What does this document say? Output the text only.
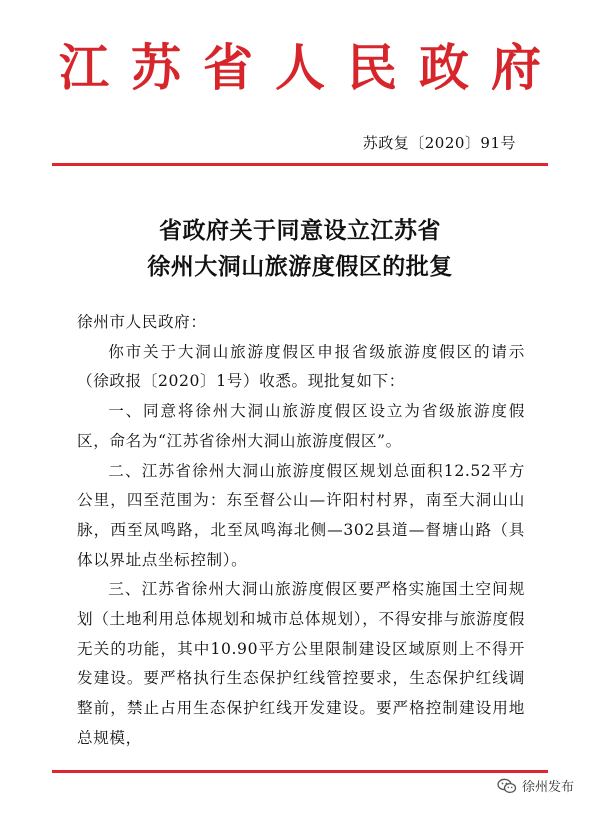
江苏省人民政府
苏政复〔2020〕91号
省政府关于同意设立江苏省
徐州大洞山旅游度假区的批复

徐州市人民政府：

你市关于大洞山旅游度假区申报省级旅游度假区的请示（徐政报〔2020〕1号）收悉。现批复如下：

一、同意将徐州大洞山旅游度假区设立为省级旅游度假区，命名为“江苏省徐州大洞山旅游度假区”。

二、江苏省徐州大洞山旅游度假区规划总面积12.52平方公里，四至范围为：东至督公山—许阳村村界，南至大洞山山脉，西至凤鸣路，北至凤鸣海北侧—302县道—督塘山路（具体以界址点坐标控制）。

三、江苏省徐州大洞山旅游度假区要严格实施国土空间规划（土地利用总体规划和城市总体规划），不得安排与旅游度假无关的功能，其中10.90平方公里限制建设区域原则上不得开发建设。要严格执行生态保护红线管控要求，生态保护红线调整前，禁止占用生态保护红线开发建设。要严格控制建设用地总规模，

徐州发布
